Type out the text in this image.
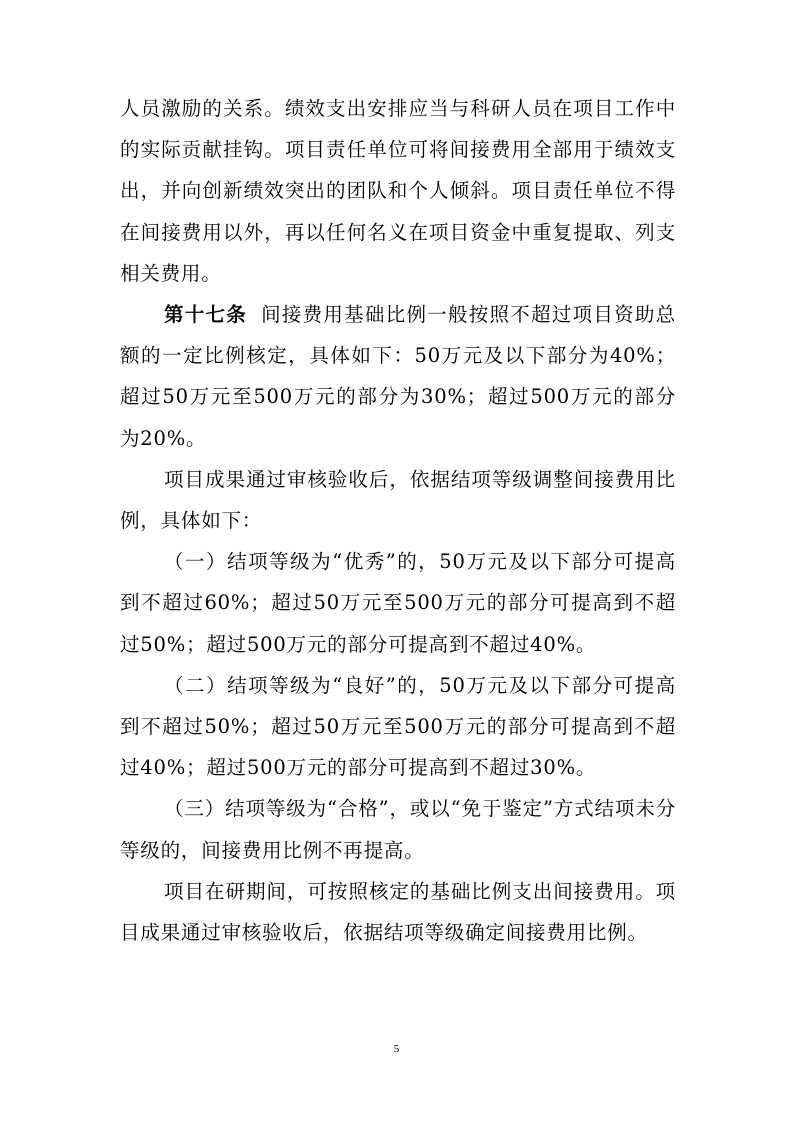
人员激励的关系。绩效支出安排应当与科研人员在项目工作中的实际贡献挂钩。项目责任单位可将间接费用全部用于绩效支出，并向创新绩效突出的团队和个人倾斜。项目责任单位不得在间接费用以外，再以任何名义在项目资金中重复提取、列支相关费用。

第十七条 间接费用基础比例一般按照不超过项目资助总额的一定比例核定，具体如下：50万元及以下部分为40%；超过50万元至500万元的部分为30%；超过500万元的部分为20%。

项目成果通过审核验收后，依据结项等级调整间接费用比例，具体如下：

（一）结项等级为“优秀”的，50万元及以下部分可提高到不超过60%；超过50万元至500万元的部分可提高到不超过50%；超过500万元的部分可提高到不超过40%。

（二）结项等级为“良好”的，50万元及以下部分可提高到不超过50%；超过50万元至500万元的部分可提高到不超过40%；超过500万元的部分可提高到不超过30%。

（三）结项等级为“合格”，或以“免于鉴定”方式结项未分等级的，间接费用比例不再提高。

项目在研期间，可按照核定的基础比例支出间接费用。项目成果通过审核验收后，依据结项等级确定间接费用比例。

5
